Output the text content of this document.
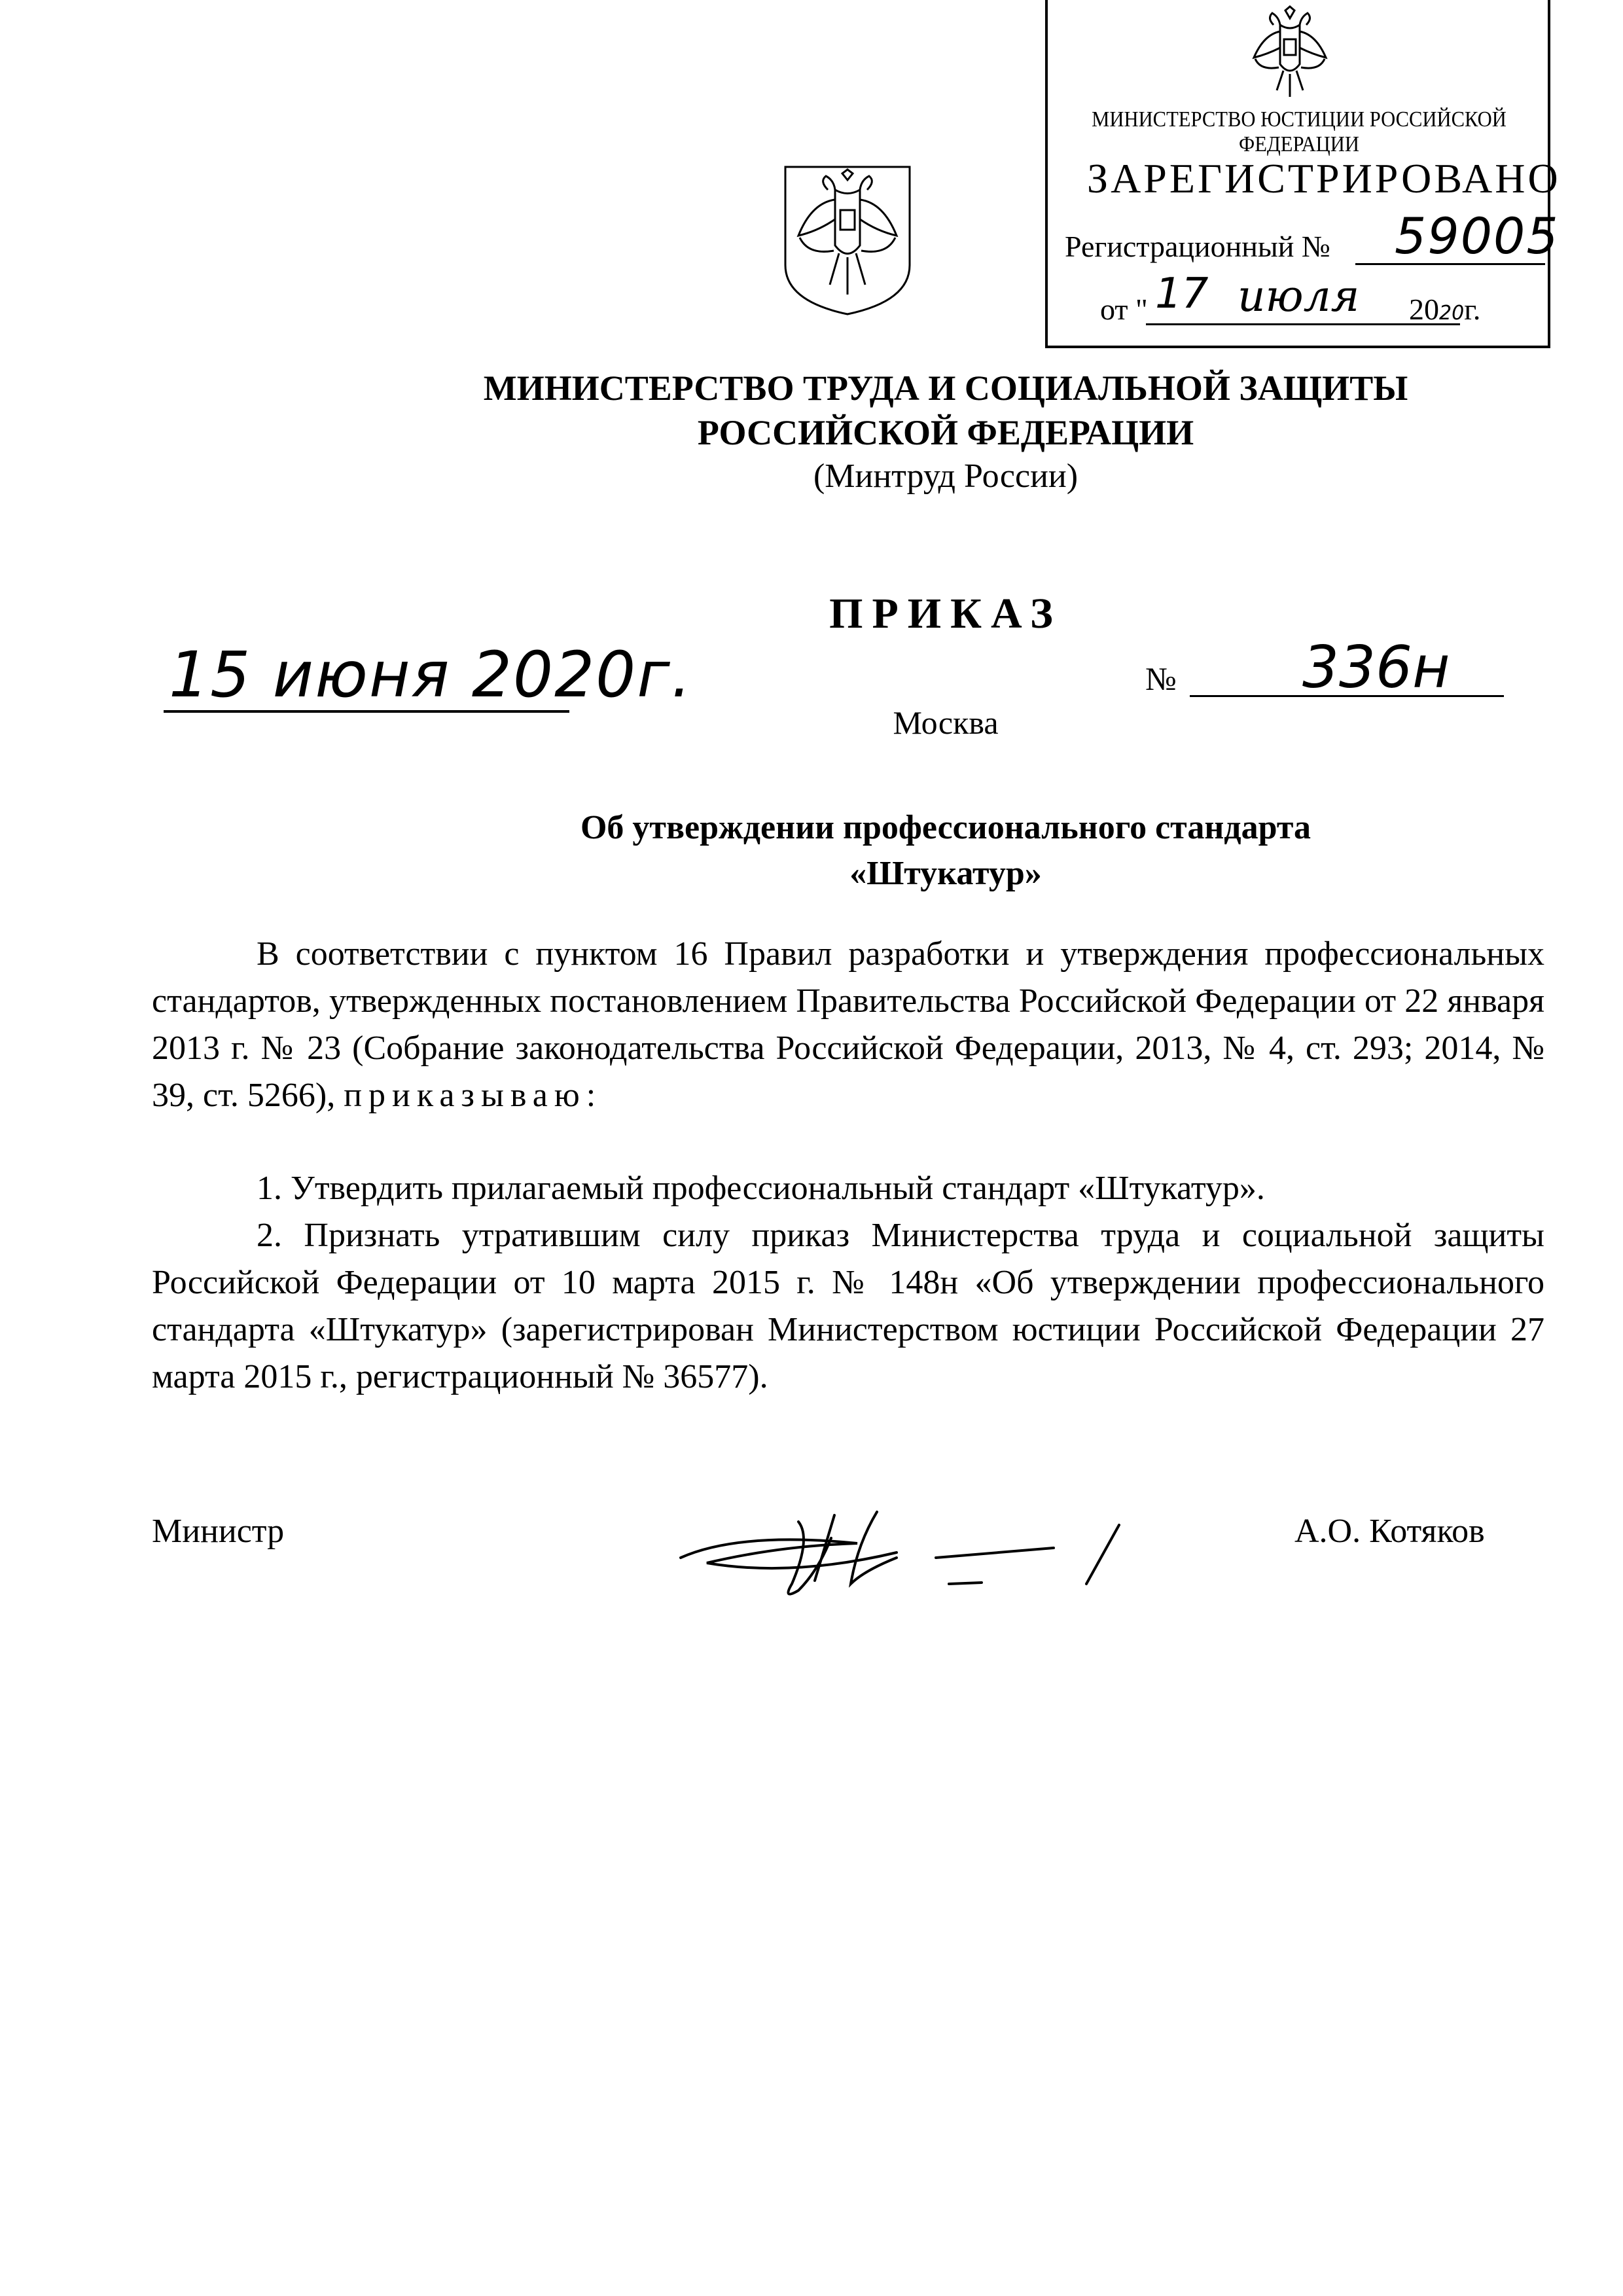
МИНИСТЕРСТВО ЮСТИЦИИ РОССИЙСКОЙ ФЕДЕРАЦИИ
ЗАРЕГИСТРИРОВАНО
Регистрационный № 59005
от " 17 июля 2020г.
МИНИСТЕРСТВО ТРУДА И СОЦИАЛЬНОЙ ЗАЩИТЫ
РОССИЙСКОЙ ФЕДЕРАЦИИ
(Минтруд России)
ПРИКАЗ
15 июня 2020г.	№ 336н
Москва
Об утверждении профессионального стандарта
«Штукатур»
В соответствии с пунктом 16 Правил разработки и утверждения профессиональных стандартов, утвержденных постановлением Правительства Российской Федерации от 22 января 2013 г. № 23 (Собрание законодательства Российской Федерации, 2013, № 4, ст. 293; 2014, № 39, ст. 5266), приказываю:
1. Утвердить прилагаемый профессиональный стандарт «Штукатур».
2. Признать утратившим силу приказ Министерства труда и социальной защиты Российской Федерации от 10 марта 2015 г. № 148н «Об утверждении профессионального стандарта «Штукатур» (зарегистрирован Министерством юстиции Российской Федерации 27 марта 2015 г., регистрационный № 36577).
Министр	А.О. Котяков
